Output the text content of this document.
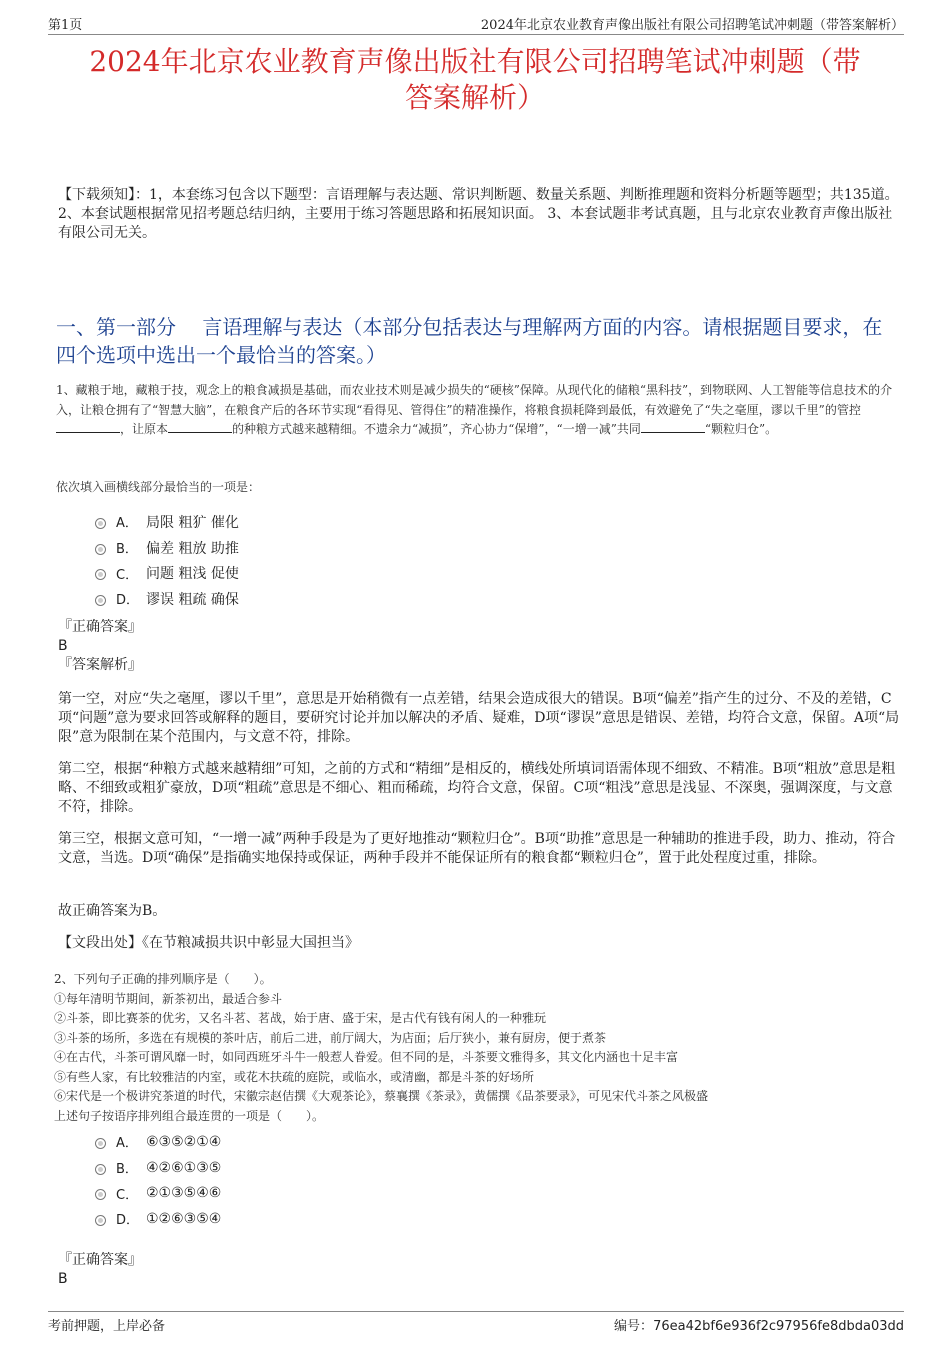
第1页	2024年北京农业教育声像出版社有限公司招聘笔试冲刺题（带答案解析）
2024年北京农业教育声像出版社有限公司招聘笔试冲刺题（带
答案解析）
【下载须知】：1，本套练习包含以下题型：言语理解与表达题、常识判断题、数量关系题、判断推理题和资料分析题等题型；共135道。 2、本套试题根据常见招考题总结归纳，主要用于练习答题思路和拓展知识面。 3、本套试题非考试真题，且与北京农业教育声像出版社有限公司无关。
一、第一部分　 言语理解与表达（本部分包括表达与理解两方面的内容。请根据题目要求，在四个选项中选出一个最恰当的答案。）
1、藏粮于地，藏粮于技，观念上的粮食减损是基础，而农业技术则是减少损失的“硬核”保障。从现代化的储粮“黑科技”，到物联网、人工智能等信息技术的介入，让粮仓拥有了“智慧大脑”，在粮食产后的各环节实现“看得见、管得住”的精准操作，将粮食损耗降到最低，有效避免了“失之毫厘，谬以千里”的管控，让原本	的种粮方式越来越精细。不遗余力“减损”，齐心协力“保增”，“一增一减”共同	“颗粒归仓”。
依次填入画横线部分最恰当的一项是：
A． 局限 粗犷 催化
B． 偏差 粗放 助推
C． 问题 粗浅 促使
D． 谬误 粗疏 确保
『正确答案』
B
『答案解析』
第一空，对应“失之毫厘，谬以千里”，意思是开始稍微有一点差错，结果会造成很大的错误。B项“偏差”指产生的过分、不及的差错，C项“问题”意为要求回答或解释的题目，要研究讨论并加以解决的矛盾、疑难，D项“谬误”意思是错误、差错，均符合文意，保留。A项“局限”意为限制在某个范围内，与文意不符，排除。
第二空，根据“种粮方式越来越精细”可知，之前的方式和“精细”是相反的，横线处所填词语需体现不细致、不精准。B项“粗放”意思是粗略、不细致或粗犷豪放，D项“粗疏”意思是不细心、粗而稀疏，均符合文意，保留。C项“粗浅”意思是浅显、不深奥，强调深度，与文意不符，排除。
第三空，根据文意可知，“一增一减”两种手段是为了更好地推动“颗粒归仓”。B项“助推”意思是一种辅助的推进手段，助力、推动，符合文意，当选。D项“确保”是指确实地保持或保证，两种手段并不能保证所有的粮食都“颗粒归仓”，置于此处程度过重，排除。
故正确答案为B。
【文段出处】《在节粮减损共识中彰显大国担当》
2、下列句子正确的排列顺序是（　　）。
①每年清明节期间，新茶初出，最适合参斗
②斗茶，即比赛茶的优劣，又名斗茗、茗战，始于唐、盛于宋，是古代有钱有闲人的一种雅玩
③斗茶的场所，多选在有规模的茶叶店，前后二进，前厅阔大，为店面；后厅狭小，兼有厨房，便于煮茶
④在古代，斗茶可谓风靡一时，如同西班牙斗牛一般惹人眷爱。但不同的是，斗茶要文雅得多，其文化内涵也十足丰富
⑤有些人家，有比较雅洁的内室，或花木扶疏的庭院，或临水，或清幽，都是斗茶的好场所
⑥宋代是一个极讲究茶道的时代，宋徽宗赵佶撰《大观茶论》，蔡襄撰《茶录》，黄儒撰《品茶要录》，可见宋代斗茶之风极盛
上述句子按语序排列组合最连贯的一项是（　　）。
A． ⑥③⑤②①④
B． ④②⑥①③⑤
C． ②①③⑤④⑥
D． ①②⑥③⑤④
『正确答案』
B
考前押题，上岸必备	编号：76ea42bf6e936f2c97956fe8dbda03dd
